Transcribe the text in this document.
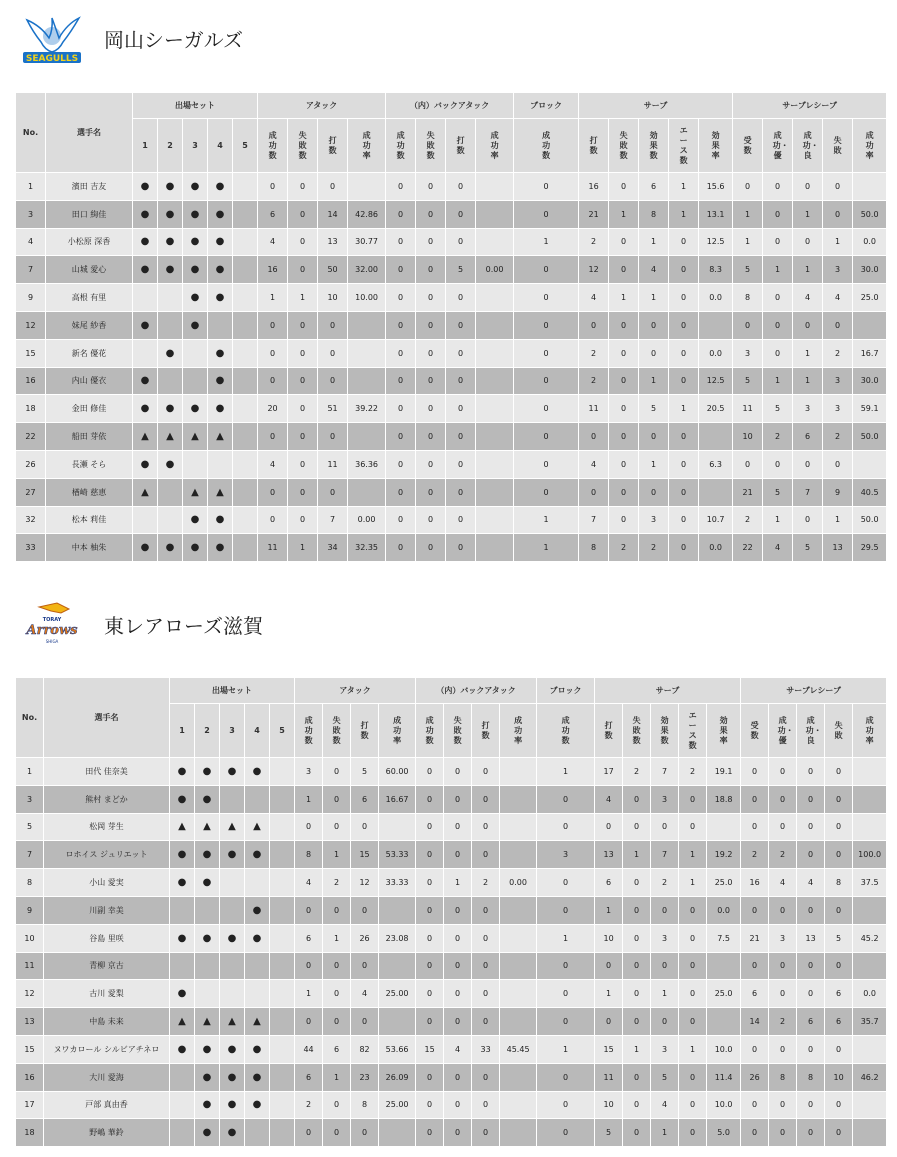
SEAGULLS
岡山シーガルズ
No.	選手名	出場セット					アタック				（内）バックアタック				ブロック	サーブ					サーブレシーブ				
		1	2	3	4	5	成功数	失敗数	打数	成功率	成功数	失敗数	打数	成功率	成功数	打数	失敗数	効果数	エース数	効果率	受数	成功・優	成功・良	失敗	成功率
1	濱田 吉友	●	●	●	●		0	0	0		0	0	0		0	16	0	6	1	15.6	0	0	0	0	
3	田口 絢佳	●	●	●	●		6	0	14	42.86	0	0	0		0	21	1	8	1	13.1	1	0	1	0	50.0
4	小松原 深香	●	●	●	●		4	0	13	30.77	0	0	0		1	2	0	1	0	12.5	1	0	0	1	0.0
7	山城 愛心	●	●	●	●		16	0	50	32.00	0	0	5	0.00	0	12	0	4	0	8.3	5	1	1	3	30.0
9	高根 有里			●	●		1	1	10	10.00	0	0	0		0	4	1	1	0	0.0	8	0	4	4	25.0
12	妹尾 紗香	●		●			0	0	0		0	0	0		0	0	0	0	0		0	0	0	0	
15	新名 優花		●		●		0	0	0		0	0	0		0	2	0	0	0	0.0	3	0	1	2	16.7
16	内山 優衣	●			●		0	0	0		0	0	0		0	2	0	1	0	12.5	5	1	1	3	30.0
18	金田 修佳	●	●	●	●		20	0	51	39.22	0	0	0		0	11	0	5	1	20.5	11	5	3	3	59.1
22	船田 芽依	▲	▲	▲	▲		0	0	0		0	0	0		0	0	0	0	0		10	2	6	2	50.0
26	長瀬 そら	●	●				4	0	11	36.36	0	0	0		0	4	0	1	0	6.3	0	0	0	0	
27	楢崎 慈恵	▲		▲	▲		0	0	0		0	0	0		0	0	0	0	0		21	5	7	9	40.5
32	松本 莉佳			●	●		0	0	7	0.00	0	0	0		1	7	0	3	0	10.7	2	1	0	1	50.0
33	中本 柚朱	●	●	●	●		11	1	34	32.35	0	0	0		1	8	2	2	0	0.0	22	4	5	13	29.5
TORAY
Arrows
SHIGA
東レアローズ滋賀
No.	選手名	出場セット					アタック				（内）バックアタック				ブロック	サーブ					サーブレシーブ				
		1	2	3	4	5	成功数	失敗数	打数	成功率	成功数	失敗数	打数	成功率	成功数	打数	失敗数	効果数	エース数	効果率	受数	成功・優	成功・良	失敗	成功率
1	田代 佳奈美	●	●	●	●		3	0	5	60.00	0	0	0		1	17	2	7	2	19.1	0	0	0	0	
3	熊村 まどか	●	●				1	0	6	16.67	0	0	0		0	4	0	3	0	18.8	0	0	0	0	
5	松岡 芽生	▲	▲	▲	▲		0	0	0		0	0	0		0	0	0	0	0		0	0	0	0	
7	ロホイス ジュリエット	●	●	●	●		8	1	15	53.33	0	0	0		3	13	1	7	1	19.2	2	2	0	0	100.0
8	小山 愛実	●	●				4	2	12	33.33	0	1	2	0.00	0	6	0	2	1	25.0	16	4	4	8	37.5
9	川副 幸美				●		0	0	0		0	0	0		0	1	0	0	0	0.0	0	0	0	0	
10	谷島 里咲	●	●	●	●		6	1	26	23.08	0	0	0		1	10	0	3	0	7.5	21	3	13	5	45.2
11	青柳 京古						0	0	0		0	0	0		0	0	0	0	0		0	0	0	0	
12	古川 愛梨	●					1	0	4	25.00	0	0	0		0	1	0	1	0	25.0	6	0	0	6	0.0
13	中島 未来	▲	▲	▲	▲		0	0	0		0	0	0		0	0	0	0	0		14	2	6	6	35.7
15	ヌワカロール シルビアチネロ	●	●	●	●		44	6	82	53.66	15	4	33	45.45	1	15	1	3	1	10.0	0	0	0	0	
16	大川 愛海		●	●	●		6	1	23	26.09	0	0	0		0	11	0	5	0	11.4	26	8	8	10	46.2
17	戸部 真由香		●	●	●		2	0	8	25.00	0	0	0		0	10	0	4	0	10.0	0	0	0	0	
18	野嶋 華鈴		●	●			0	0	0		0	0	0		0	5	0	1	0	5.0	0	0	0	0	
